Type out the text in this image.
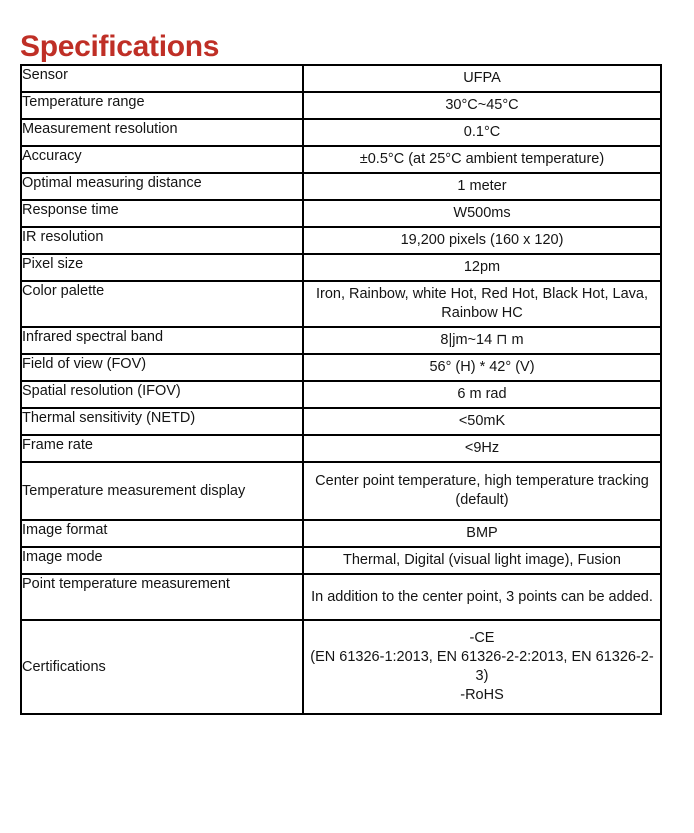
Specifications
Sensor	UFPA
Temperature range	30°C~45°C
Measurement resolution	0.1°C
Accuracy	±0.5°C (at 25°C ambient temperature)
Optimal measuring distance	1 meter
Response time	W500ms
IR resolution	19,200 pixels (160 x 120)
Pixel size	12pm
Color palette	Iron, Rainbow, white Hot, Red Hot, Black Hot, Lava, Rainbow HC
Infrared spectral band	8|jm~14 ⊓ m
Field of view (FOV)	56° (H) * 42° (V)
Spatial resolution (IFOV)	6 m rad
Thermal sensitivity (NETD)	<50mK
Frame rate	<9Hz
Temperature measurement display	Center point temperature, high temperature tracking (default)
Image format	BMP
Image mode	Thermal, Digital (visual light image), Fusion
Point temperature measurement	In addition to the center point, 3 points can be added.
Certifications	-CE
(EN 61326-1:2013, EN 61326-2-2:2013, EN 61326-2-3)
-RoHS
